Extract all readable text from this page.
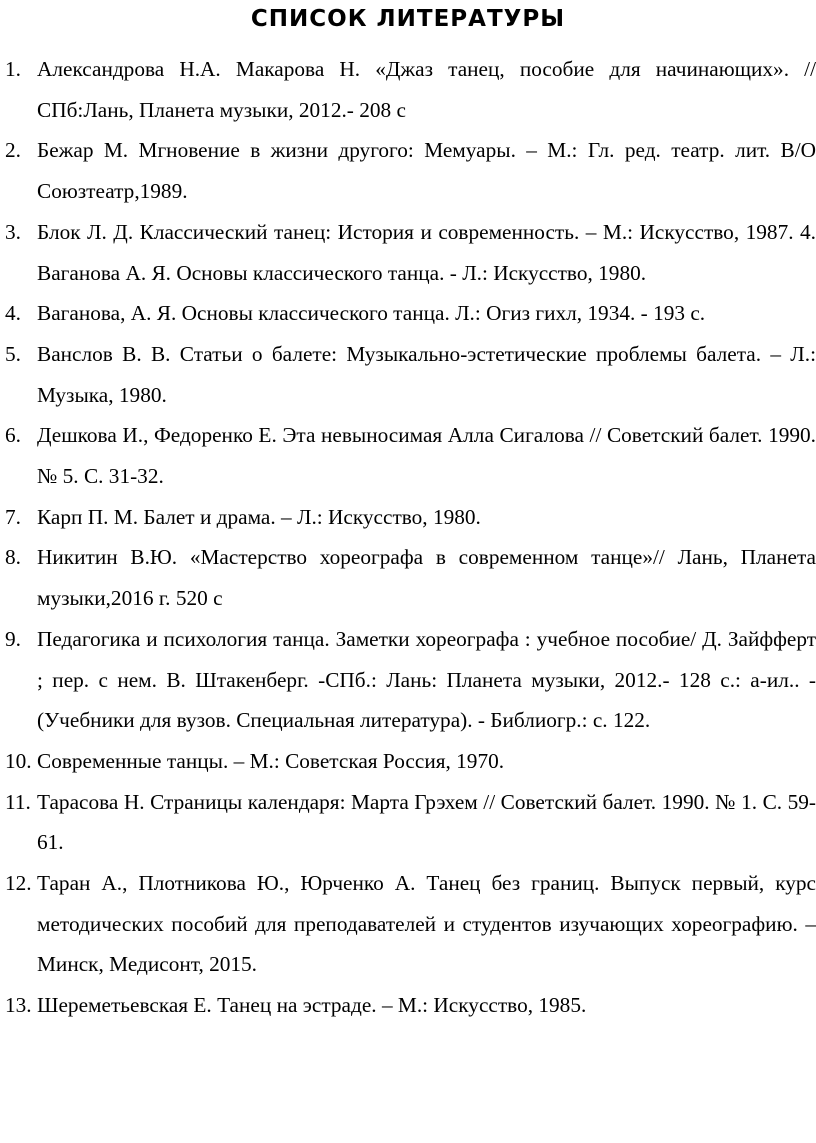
СПИСОК ЛИТЕРАТУРЫ
1. Александрова Н.А. Макарова Н. «Джаз танец, пособие для начинающих». // СПб:Лань, Планета музыки, 2012.- 208 с
2. Бежар М. Мгновение в жизни другого: Мемуары. – М.: Гл. ред. театр. лит. В/О Союзтеатр,1989.
3. Блок Л. Д. Классический танец: История и современность. – М.: Искусство, 1987. 4. Ваганова А. Я. Основы классического танца. - Л.: Искусство, 1980.
4. Ваганова, А. Я. Основы классического танца. Л.: Огиз гихл, 1934. - 193 с.
5. Ванслов В. В. Статьи о балете: Музыкально-эстетические проблемы балета. – Л.: Музыка, 1980.
6. Дешкова И., Федоренко Е. Эта невыносимая Алла Сигалова // Советский балет. 1990. № 5. С. 31-32.
7. Карп П. М. Балет и драма. – Л.: Искусство, 1980.
8. Никитин В.Ю. «Мастерство хореографа в современном танце»// Лань, Планета музыки,2016 г. 520 с
9. Педагогика и психология танца. Заметки хореографа : учебное пособие/ Д. Зайфферт ; пер. с нем. В. Штакенберг. -СПб.: Лань: Планета музыки, 2012.- 128 с.: а-ил.. -(Учебники для вузов. Специальная литература). - Библиогр.: с. 122.
10. Современные танцы. – М.: Советская Россия, 1970.
11. Тарасова Н. Страницы календаря: Марта Грэхем // Советский балет. 1990. № 1. С. 59-61.
12. Таран А., Плотникова Ю., Юрченко А. Танец без границ. Выпуск первый, курс методических пособий для преподавателей и студентов изучающих хореографию. – Минск, Медисонт, 2015.
13. Шереметьевская Е. Танец на эстраде. – М.: Искусство, 1985.
